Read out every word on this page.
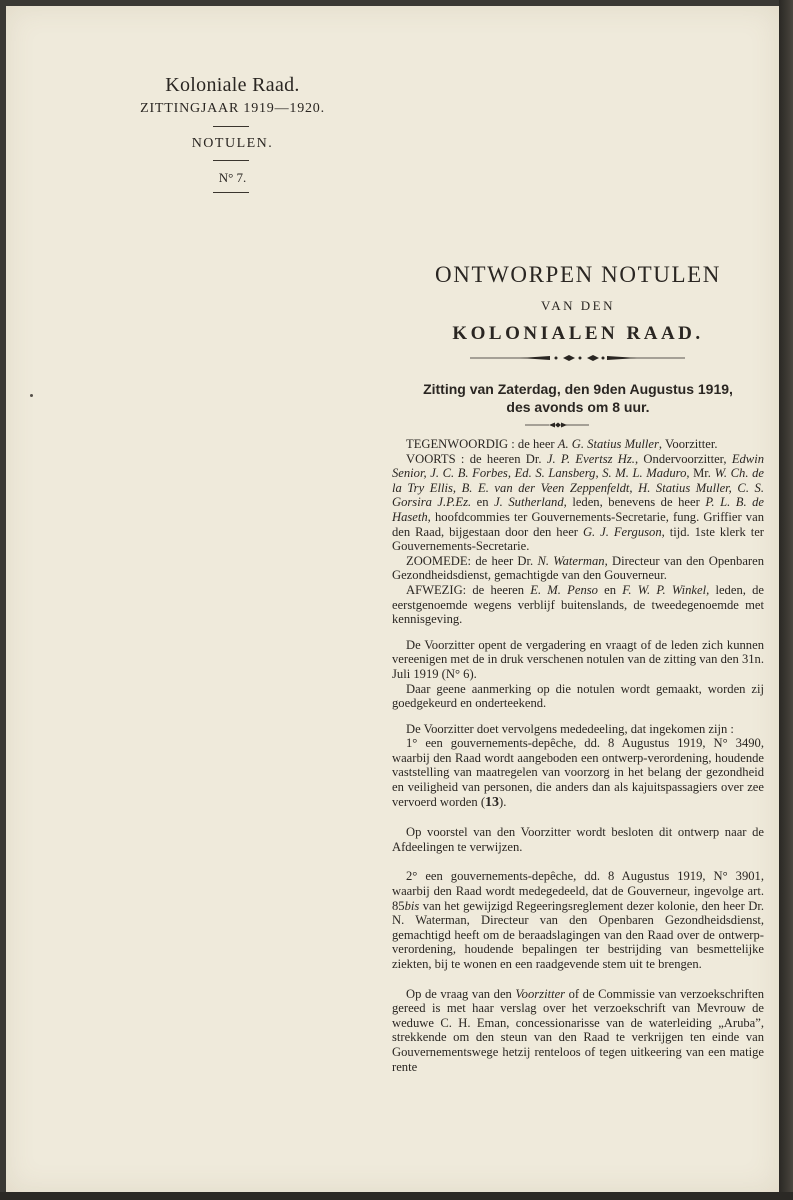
Koloniale Raad.
ZITTINGJAAR 1919—1920.
NOTULEN.
N° 7.
ONTWORPEN NOTULEN
VAN DEN
KOLONIALEN RAAD.
Zitting van Zaterdag, den 9den Augustus 1919,
des avonds om 8 uur.

TEGENWOORDIG : de heer A. G. Statius Muller, Voorzitter.

VOORTS : de heeren Dr. J. P. Evertsz Hz., Ondervoorzitter, Edwin Senior, J. C. B. Forbes, Ed. S. Lansberg, S. M. L. Maduro, Mr. W. Ch. de la Try Ellis, B. E. van der Veen Zeppenfeldt, H. Statius Muller, C. S. Gorsira J.P.Ez. en J. Sutherland, leden, benevens de heer P. L. B. de Haseth, hoofdcommies ter Gouvernements-Secretarie, fung. Griffier van den Raad, bijgestaan door den heer G. J. Ferguson, tijd. 1ste klerk ter Gouvernements-Secretarie.

ZOOMEDE: de heer Dr. N. Waterman, Directeur van den Openbaren Gezondheidsdienst, gemachtigde van den Gouverneur.

AFWEZIG: de heeren E. M. Penso en F. W. P. Winkel, leden, de eerstgenoemde wegens verblijf buitenslands, de tweedegenoemde met kennisgeving.

De Voorzitter opent de vergadering en vraagt of de leden zich kunnen vereenigen met de in druk verschenen notulen van de zitting van den 31n. Juli 1919 (N° 6).

Daar geene aanmerking op die notulen wordt gemaakt, worden zij goedgekeurd en onderteekend.

De Voorzitter doet vervolgens mededeeling, dat ingekomen zijn :

1° een gouvernements-depêche, dd. 8 Augustus 1919, N° 3490, waarbij den Raad wordt aangeboden een ontwerp-verordening, houdende vaststelling van maatregelen van voorzorg in het belang der gezondheid en veiligheid van personen, die anders dan als kajuitspassagiers over zee vervoerd worden (13).

Op voorstel van den Voorzitter wordt besloten dit ontwerp naar de Afdeelingen te verwijzen.

2° een gouvernements-depêche, dd. 8 Augustus 1919, N° 3901, waarbij den Raad wordt medegedeeld, dat de Gouverneur, ingevolge art. 85bis van het gewijzigd Regeeringsreglement dezer kolonie, den heer Dr. N. Waterman, Directeur van den Openbaren Gezondheidsdienst, gemachtigd heeft om de beraadslagingen van den Raad over de ontwerp-verordening, houdende bepalingen ter bestrijding van besmettelijke ziekten, bij te wonen en een raadgevende stem uit te brengen.

Op de vraag van den Voorzitter of de Commissie van verzoekschriften gereed is met haar verslag over het verzoekschrift van Mevrouw de weduwe C. H. Eman, concessionarisse van de waterleiding „Aruba”, strekkende om den steun van den Raad te verkrijgen ten einde van Gouvernementswege hetzij renteloos of tegen uitkeering van een matige rente
